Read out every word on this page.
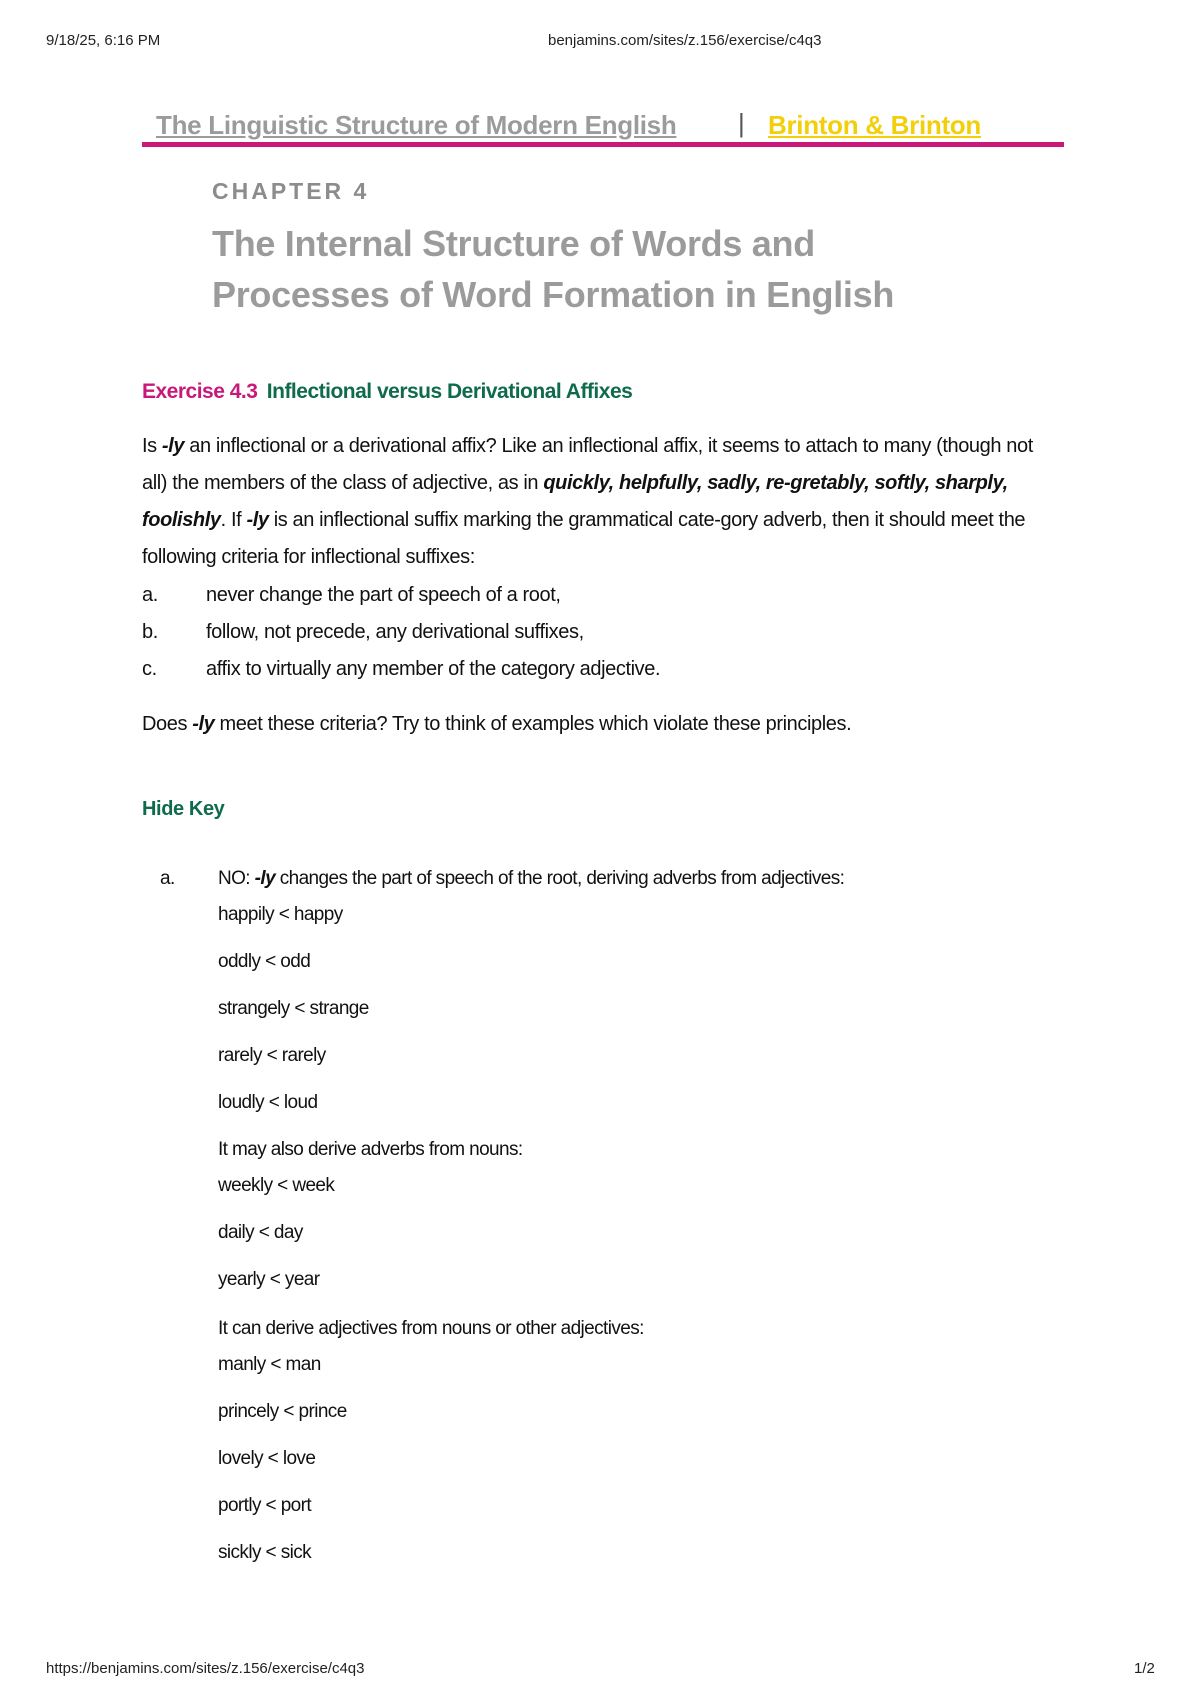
9/18/25, 6:16 PM	benjamins.com/sites/z.156/exercise/c4q3
The Linguistic Structure of Modern English | Brinton & Brinton
CHAPTER 4
The Internal Structure of Words and
Processes of Word Formation in English
Exercise 4.3 Inflectional versus Derivational Affixes
Is -ly an inflectional or a derivational affix? Like an inflectional affix, it seems to attach to many (though not all) the members of the class of adjective, as in quickly, helpfully, sadly, re-gretably, softly, sharply, foolishly. If -ly is an inflectional suffix marking the grammatical cate-gory adverb, then it should meet the following criteria for inflectional suffixes:
a. never change the part of speech of a root,
b. follow, not precede, any derivational suffixes,
c. affix to virtually any member of the category adjective.
Does -ly meet these criteria? Try to think of examples which violate these principles.
Hide Key
a. NO: -ly changes the part of speech of the root, deriving adverbs from adjectives:
happily < happy
oddly < odd
strangely < strange
rarely < rarely
loudly < loud
It may also derive adverbs from nouns:
weekly < week
daily < day
yearly < year
It can derive adjectives from nouns or other adjectives:
manly < man
princely < prince
lovely < love
portly < port
sickly < sick
https://benjamins.com/sites/z.156/exercise/c4q3	1/2
